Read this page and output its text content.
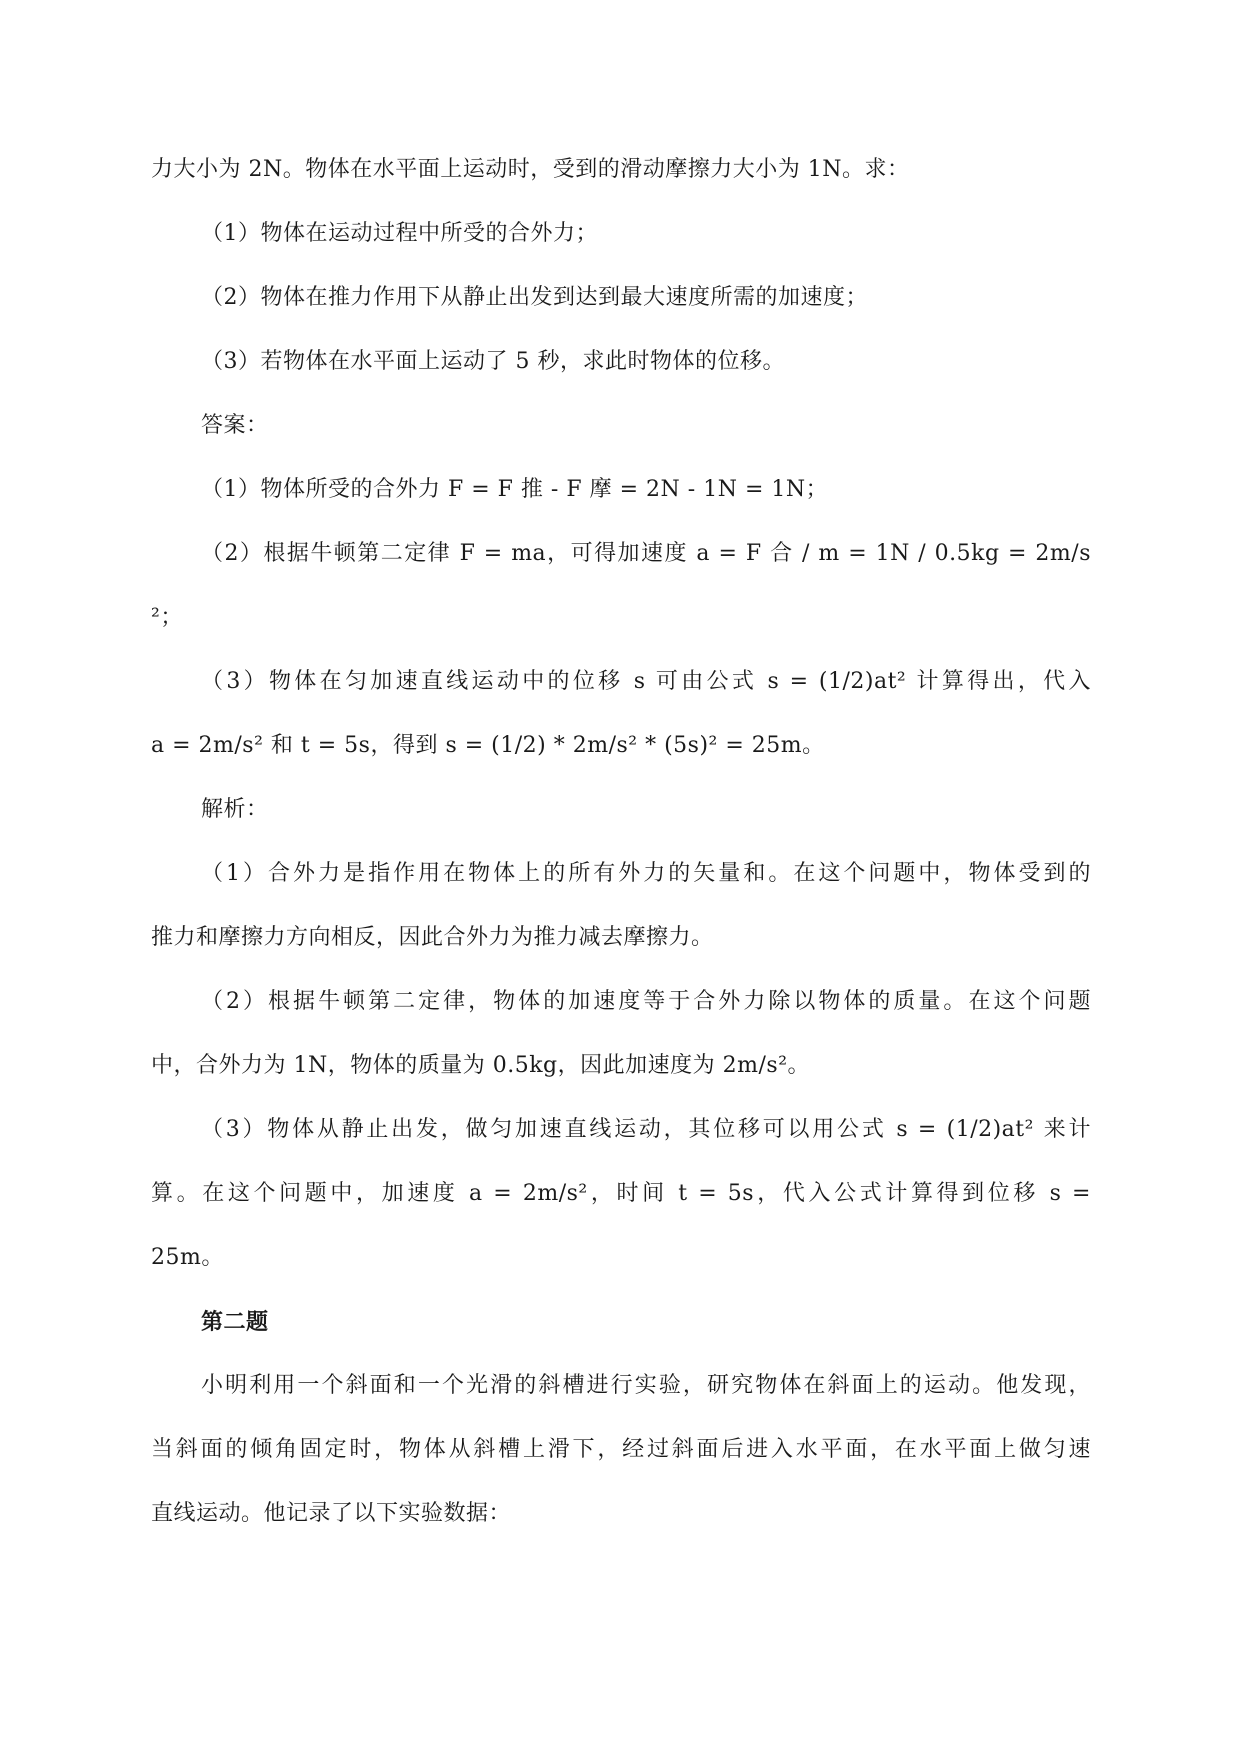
力大小为 2N。物体在水平面上运动时，受到的滑动摩擦力大小为 1N。求：
（1）物体在运动过程中所受的合外力；
（2）物体在推力作用下从静止出发到达到最大速度所需的加速度；
（3）若物体在水平面上运动了 5 秒，求此时物体的位移。
答案：
（1）物体所受的合外力 F = F 推 - F 摩 = 2N - 1N = 1N；
（2）根据牛顿第二定律 F = ma，可得加速度 a = F 合 / m = 1N / 0.5kg = 2m/s
²；
（3）物体在匀加速直线运动中的位移 s 可由公式 s = (1/2)at² 计算得出，代入
a = 2m/s² 和 t = 5s，得到 s = (1/2) * 2m/s² * (5s)² = 25m。
解析：
（1）合外力是指作用在物体上的所有外力的矢量和。在这个问题中，物体受到的
推力和摩擦力方向相反，因此合外力为推力减去摩擦力。
（2）根据牛顿第二定律，物体的加速度等于合外力除以物体的质量。在这个问题
中，合外力为 1N，物体的质量为 0.5kg，因此加速度为 2m/s²。
（3）物体从静止出发，做匀加速直线运动，其位移可以用公式 s = (1/2)at² 来计
算。在这个问题中，加速度 a = 2m/s²，时间 t = 5s，代入公式计算得到位移 s =
25m。
第二题
小明利用一个斜面和一个光滑的斜槽进行实验，研究物体在斜面上的运动。他发现，
当斜面的倾角固定时，物体从斜槽上滑下，经过斜面后进入水平面，在水平面上做匀速
直线运动。他记录了以下实验数据：
